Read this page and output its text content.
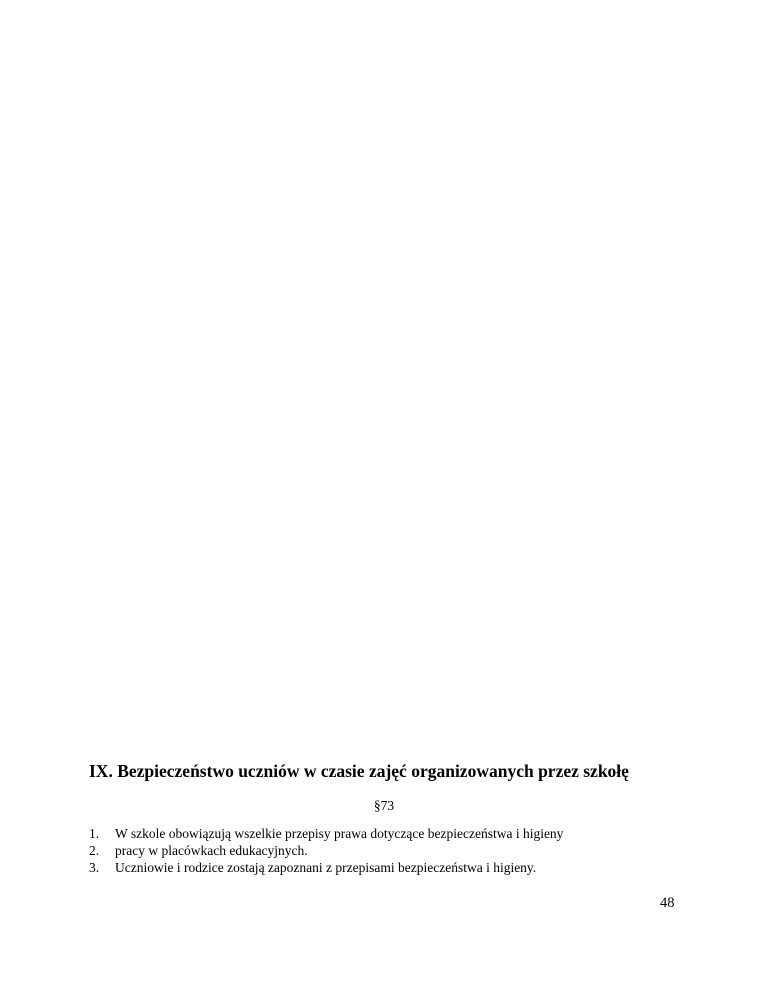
IX. Bezpieczeństwo uczniów w czasie zajęć organizowanych przez szkołę
§73
1.	W szkole obowiązują wszelkie przepisy prawa dotyczące bezpieczeństwa i higieny
2.	pracy w placówkach edukacyjnych.
3.	Uczniowie i rodzice zostają zapoznani z przepisami bezpieczeństwa i higieny.
48
